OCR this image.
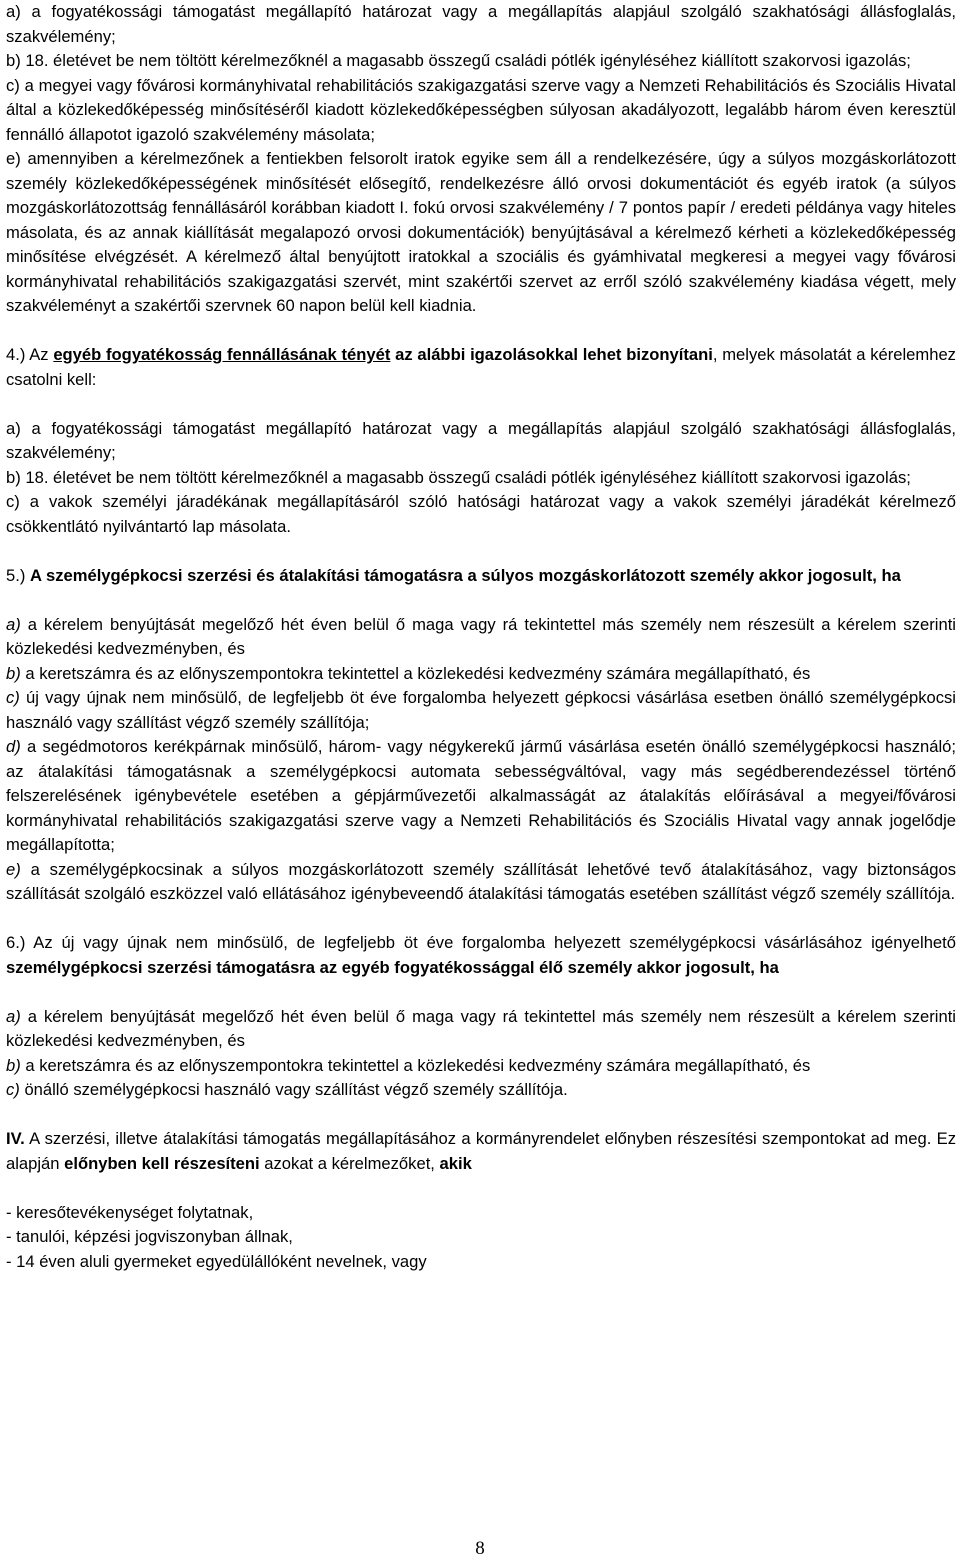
a) a fogyatékossági támogatást megállapító határozat vagy a megállapítás alapjául szolgáló szakhatósági állásfoglalás, szakvélemény;

b) 18. életévet be nem töltött kérelmezőknél a magasabb összegű családi pótlék igényléséhez kiállított szakorvosi igazolás;

c) a megyei vagy fővárosi kormányhivatal rehabilitációs szakigazgatási szerve vagy a Nemzeti Rehabilitációs és Szociális Hivatal által a közlekedőképesség minősítéséről kiadott közlekedőképességben súlyosan akadályozott, legalább három éven keresztül fennálló állapotot igazoló szakvélemény másolata;

e) amennyiben a kérelmezőnek a fentiekben felsorolt iratok egyike sem áll a rendelkezésére, úgy a súlyos mozgáskorlátozott személy közlekedőképességének minősítését elősegítő, rendelkezésre álló orvosi dokumentációt és egyéb iratok (a súlyos mozgáskorlátozottság fennállásáról korábban kiadott I. fokú orvosi szakvélemény / 7 pontos papír / eredeti példánya vagy hiteles másolata, és az annak kiállítását megalapozó orvosi dokumentációk) benyújtásával a kérelmező kérheti a közlekedőképesség minősítése elvégzését. A kérelmező által benyújtott iratokkal a szociális és gyámhivatal megkeresi a megyei vagy fővárosi kormányhivatal rehabilitációs szakigazgatási szervét, mint szakértői szervet az erről szóló szakvélemény kiadása végett, mely szakvéleményt a szakértői szervnek 60 napon belül kell kiadnia.

4.) Az egyéb fogyatékosság fennállásának tényét az alábbi igazolásokkal lehet bizonyítani, melyek másolatát a kérelemhez csatolni kell:

a) a fogyatékossági támogatást megállapító határozat vagy a megállapítás alapjául szolgáló szakhatósági állásfoglalás, szakvélemény;

b) 18. életévet be nem töltött kérelmezőknél a magasabb összegű családi pótlék igényléséhez kiállított szakorvosi igazolás;

c) a vakok személyi járadékának megállapításáról szóló hatósági határozat vagy a vakok személyi járadékát kérelmező csökkentlátó nyilvántartó lap másolata.

5.) A személygépkocsi szerzési és átalakítási támogatásra a súlyos mozgáskorlátozott személy akkor jogosult, ha

a) a kérelem benyújtását megelőző hét éven belül ő maga vagy rá tekintettel más személy nem részesült a kérelem szerinti közlekedési kedvezményben, és

b) a keretszámra és az előnyszempontokra tekintettel a közlekedési kedvezmény számára megállapítható, és

c) új vagy újnak nem minősülő, de legfeljebb öt éve forgalomba helyezett gépkocsi vásárlása esetben önálló személygépkocsi használó vagy szállítást végző személy szállítója;

d) a segédmotoros kerékpárnak minősülő, három- vagy négykerekű jármű vásárlása esetén önálló személygépkocsi használó; az átalakítási támogatásnak a személygépkocsi automata sebességváltóval, vagy más segédberendezéssel történő felszerelésének igénybevétele esetében a gépjárművezetői alkalmasságát az átalakítás előírásával a megyei/fővárosi kormányhivatal rehabilitációs szakigazgatási szerve vagy a Nemzeti Rehabilitációs és Szociális Hivatal vagy annak jogelődje megállapította;

e) a személygépkocsinak a súlyos mozgáskorlátozott személy szállítását lehetővé tevő átalakításához, vagy biztonságos szállítását szolgáló eszközzel való ellátásához igénybeveendő átalakítási támogatás esetében szállítást végző személy szállítója.

6.) Az új vagy újnak nem minősülő, de legfeljebb öt éve forgalomba helyezett személygépkocsi vásárlásához igényelhető személygépkocsi szerzési támogatásra az egyéb fogyatékossággal élő személy akkor jogosult, ha

a) a kérelem benyújtását megelőző hét éven belül ő maga vagy rá tekintettel más személy nem részesült a kérelem szerinti közlekedési kedvezményben, és

b) a keretszámra és az előnyszempontokra tekintettel a közlekedési kedvezmény számára megállapítható, és

c) önálló személygépkocsi használó vagy szállítást végző személy szállítója.

IV. A szerzési, illetve átalakítási támogatás megállapításához a kormányrendelet előnyben részesítési szempontokat ad meg. Ez alapján előnyben kell részesíteni azokat a kérelmezőket, akik

- keresőtevékenységet folytatnak,

- tanulói, képzési jogviszonyban állnak,

- 14 éven aluli gyermeket egyedülállóként nevelnek, vagy

8
